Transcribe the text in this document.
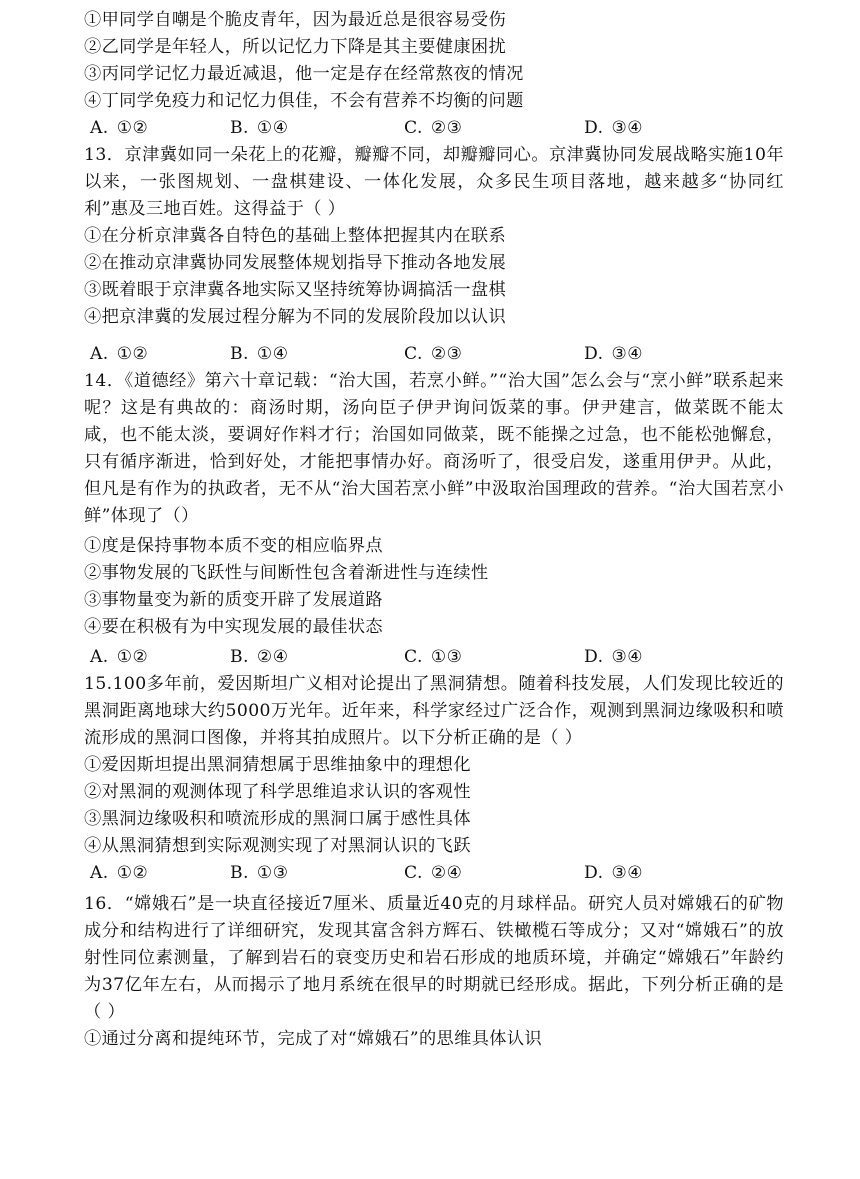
①甲同学自嘲是个脆皮青年，因为最近总是很容易受伤
②乙同学是年轻人，所以记忆力下降是其主要健康困扰
③丙同学记忆力最近减退，他一定是存在经常熬夜的情况
④丁同学免疫力和记忆力俱佳，不会有营养不均衡的问题
A. ①②	B. ①④	C. ②③	D. ③④
13．京津冀如同一朵花上的花瓣，瓣瓣不同，却瓣瓣同心。京津冀协同发展战略实施10年以来，一张图规划、一盘棋建设、一体化发展，众多民生项目落地，越来越多“协同红利”惠及三地百姓。这得益于（ ）
①在分析京津冀各自特色的基础上整体把握其内在联系
②在推动京津冀协同发展整体规划指导下推动各地发展
③既着眼于京津冀各地实际又坚持统筹协调搞活一盘棋
④把京津冀的发展过程分解为不同的发展阶段加以认识
A. ①②	B. ①④	C. ②③	D. ③④
14．《道德经》第六十章记载：“治大国，若烹小鲜。”“治大国”怎么会与“烹小鲜”联系起来呢？这是有典故的：商汤时期，汤向臣子伊尹询问饭菜的事。伊尹建言，做菜既不能太咸，也不能太淡，要调好作料才行；治国如同做菜，既不能操之过急，也不能松弛懈怠，只有循序渐进，恰到好处，才能把事情办好。商汤听了，很受启发，遂重用伊尹。从此，但凡是有作为的执政者，无不从“治大国若烹小鲜”中汲取治国理政的营养。“治大国若烹小鲜”体现了（）
①度是保持事物本质不变的相应临界点
②事物发展的飞跃性与间断性包含着渐进性与连续性
③事物量变为新的质变开辟了发展道路
④要在积极有为中实现发展的最佳状态
A. ①②	B. ②④	C. ①③	D. ③④
15.100多年前，爱因斯坦广义相对论提出了黑洞猜想。随着科技发展，人们发现比较近的黑洞距离地球大约5000万光年。近年来，科学家经过广泛合作，观测到黑洞边缘吸积和喷流形成的黑洞口图像，并将其拍成照片。以下分析正确的是（ ）
①爱因斯坦提出黑洞猜想属于思维抽象中的理想化
②对黑洞的观测体现了科学思维追求认识的客观性
③黑洞边缘吸积和喷流形成的黑洞口属于感性具体
④从黑洞猜想到实际观测实现了对黑洞认识的飞跃
A. ①②	B. ①③	C. ②④	D. ③④
16．“嫦娥石”是一块直径接近7厘米、质量近40克的月球样品。研究人员对嫦娥石的矿物成分和结构进行了详细研究，发现其富含斜方辉石、铁橄榄石等成分；又对“嫦娥石”的放射性同位素测量，了解到岩石的衰变历史和岩石形成的地质环境，并确定“嫦娥石”年龄约为37亿年左右，从而揭示了地月系统在很早的时期就已经形成。据此，下列分析正确的是（ ）
①通过分离和提纯环节，完成了对“嫦娥石”的思维具体认识
